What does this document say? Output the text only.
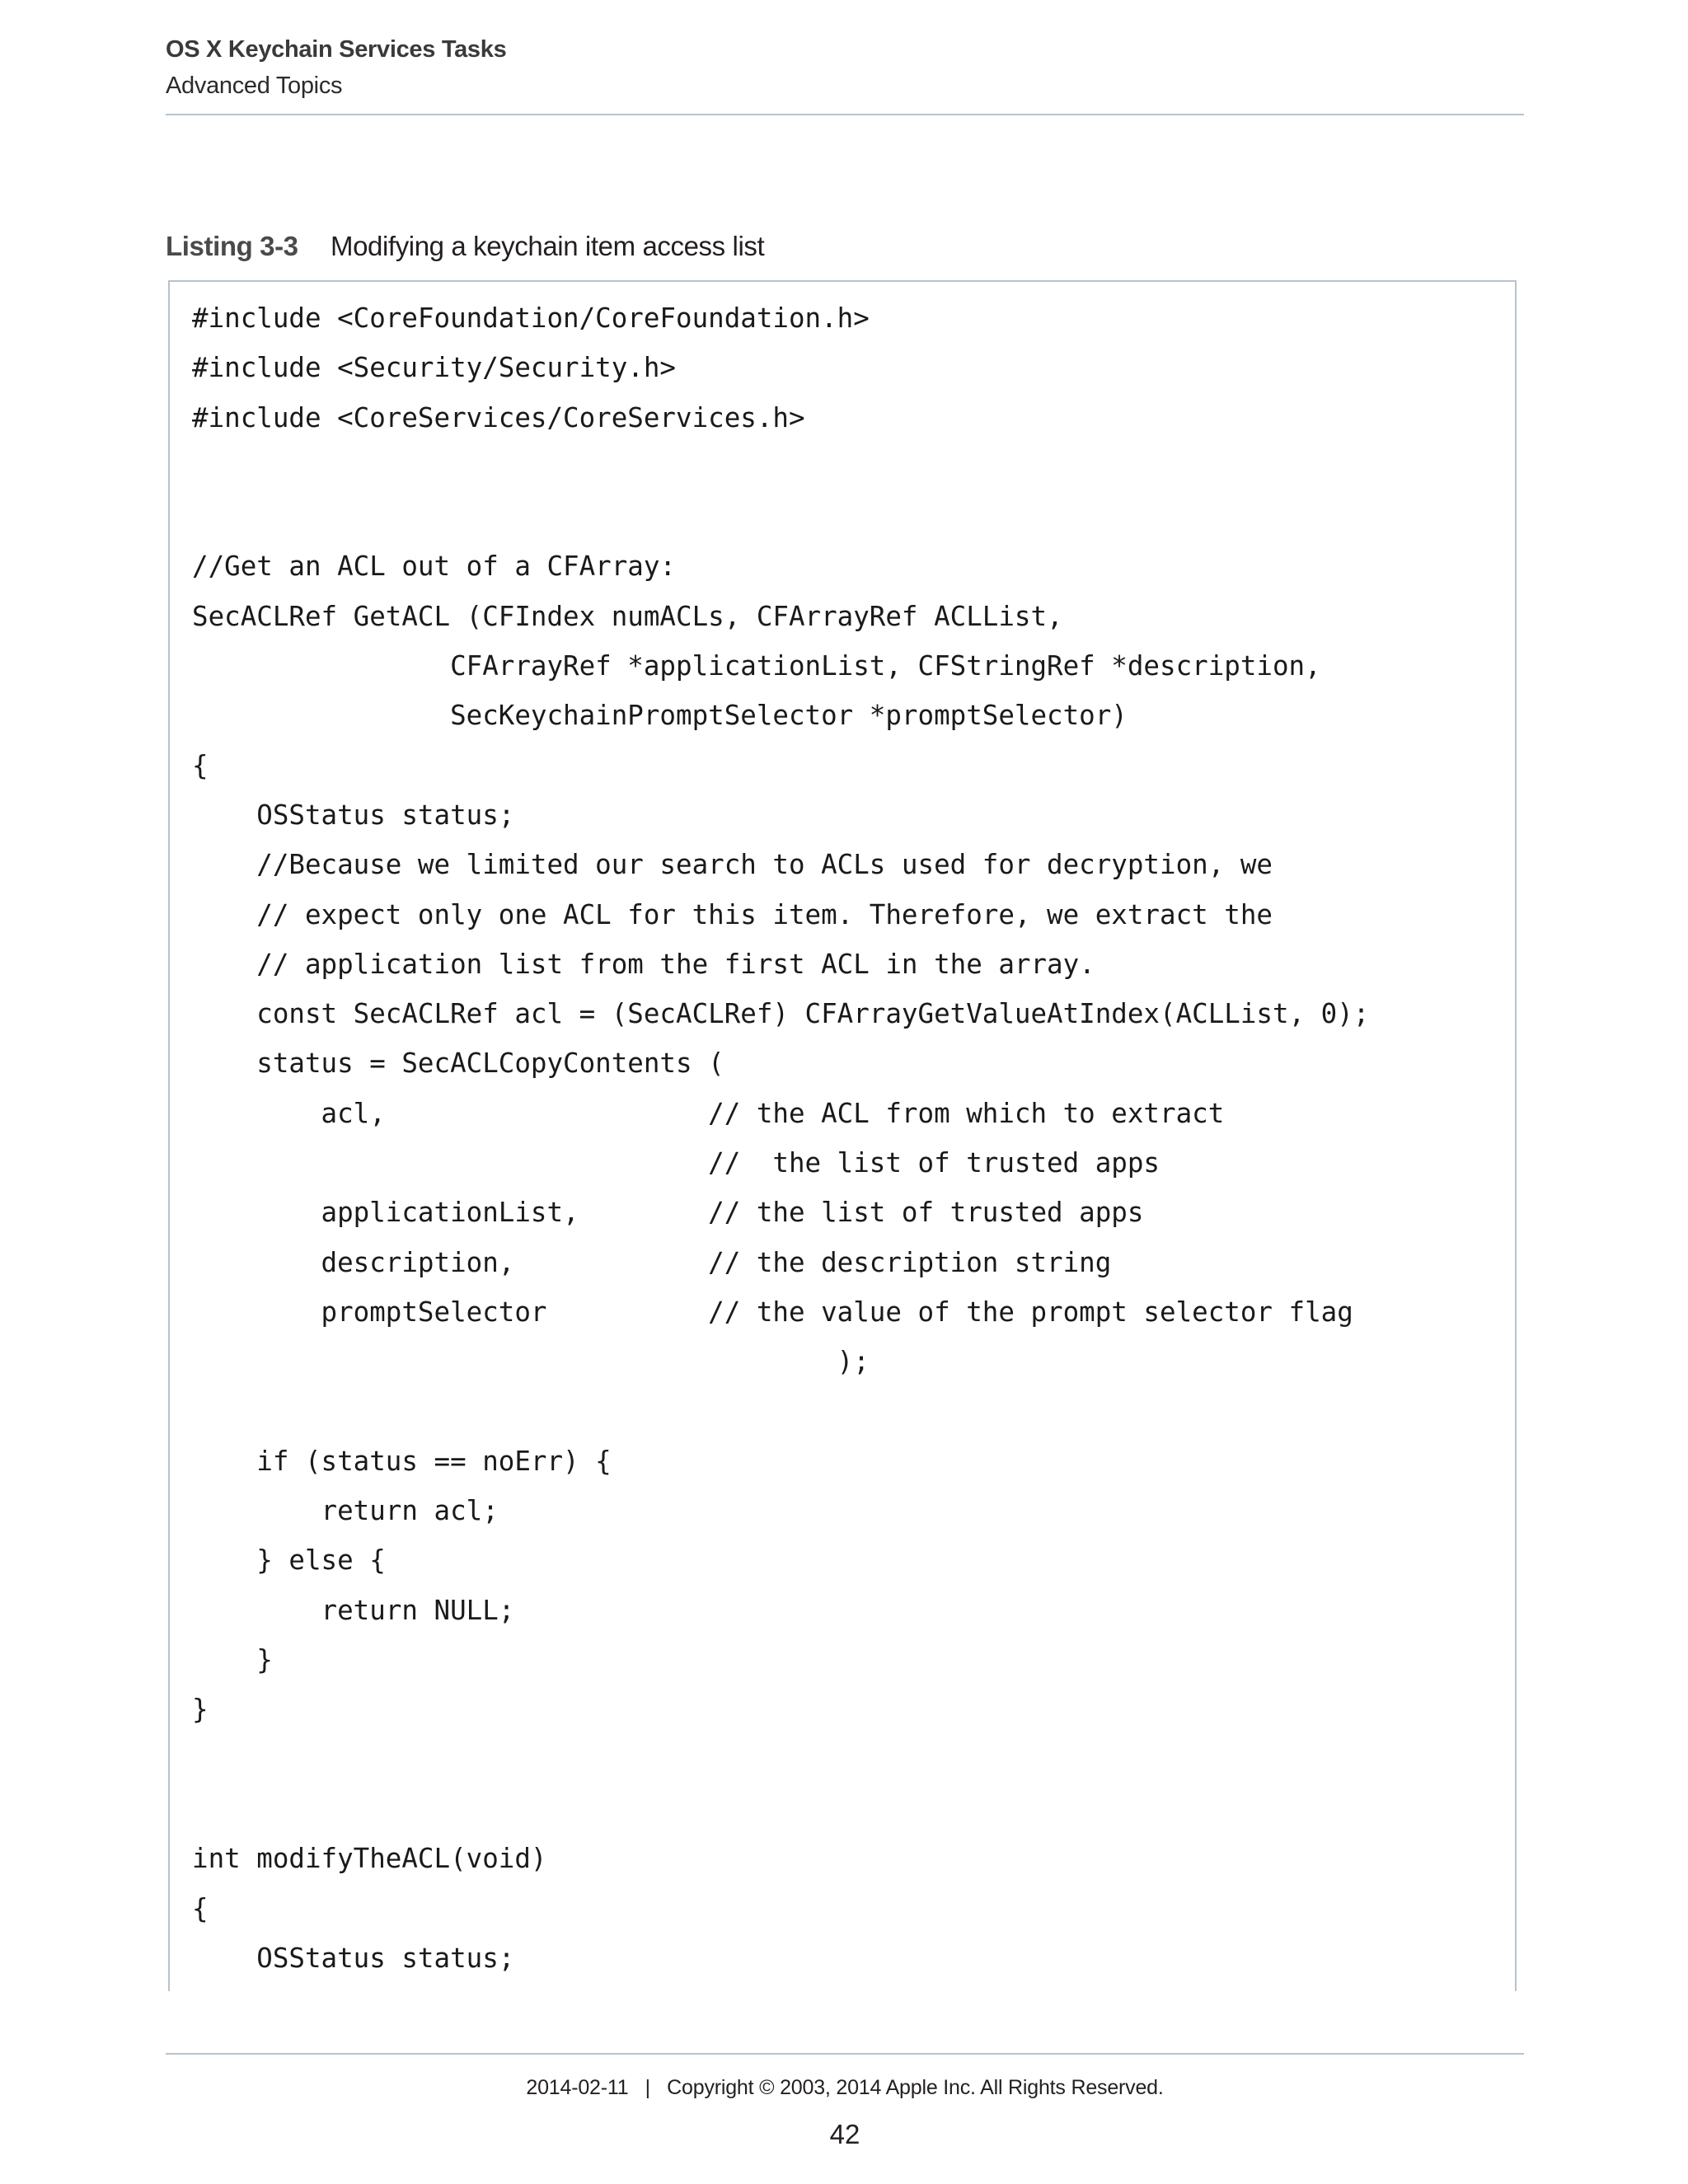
OS X Keychain Services Tasks
Advanced Topics
Listing 3-3 Modifying a keychain item access list
#include <CoreFoundation/CoreFoundation.h>
#include <Security/Security.h>
#include <CoreServices/CoreServices.h>
//Get an ACL out of a CFArray:
SecACLRef GetACL (CFIndex numACLs, CFArrayRef ACLList,
CFArrayRef *applicationList, CFStringRef *description,
SecKeychainPromptSelector *promptSelector)
{
OSStatus status;
//Because we limited our search to ACLs used for decryption, we
// expect only one ACL for this item. Therefore, we extract the
// application list from the first ACL in the array.
const SecACLRef acl = (SecACLRef) CFArrayGetValueAtIndex(ACLList, 0);
status = SecACLCopyContents (
acl,                    // the ACL from which to extract
//  the list of trusted apps
applicationList,        // the list of trusted apps
description,            // the description string
promptSelector          // the value of the prompt selector flag
);
if (status == noErr) {
return acl;
} else {
return NULL;
}
}
int modifyTheACL(void)
{
OSStatus status;
2014-02-11   |   Copyright © 2003, 2014 Apple Inc. All Rights Reserved.
42
